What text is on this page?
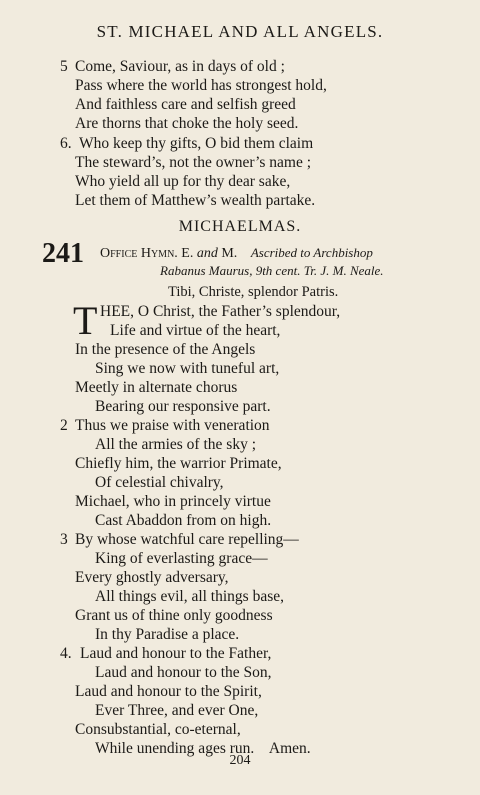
ST. MICHAEL AND ALL ANGELS.
5 Come, Saviour, as in days of old ;
Pass where the world has strongest hold,
And faithless care and selfish greed
Are thorns that choke the holy seed.
6. Who keep thy gifts, O bid them claim
The steward’s, not the owner’s name ;
Who yield all up for thy dear sake,
Let them of Matthew’s wealth partake.
MICHAELMAS.
241 Office Hymn. E. and M. Ascribed to Archbishop
Rabanus Maurus, 9th cent. Tr. J. M. Neale.
Tibi, Christe, splendor Patris.
T HEE, O Christ, the Father’s splendour,
Life and virtue of the heart,
In the presence of the Angels
Sing we now with tuneful art,
Meetly in alternate chorus
Bearing our responsive part.
2 Thus we praise with veneration
All the armies of the sky ;
Chiefly him, the warrior Primate,
Of celestial chivalry,
Michael, who in princely virtue
Cast Abaddon from on high.
3 By whose watchful care repelling—
King of everlasting grace—
Every ghostly adversary,
All things evil, all things base,
Grant us of thine only goodness
In thy Paradise a place.
4. Laud and honour to the Father,
Laud and honour to the Son,
Laud and honour to the Spirit,
Ever Three, and ever One,
Consubstantial, co-eternal,
While unending ages run.    Amen.
204
